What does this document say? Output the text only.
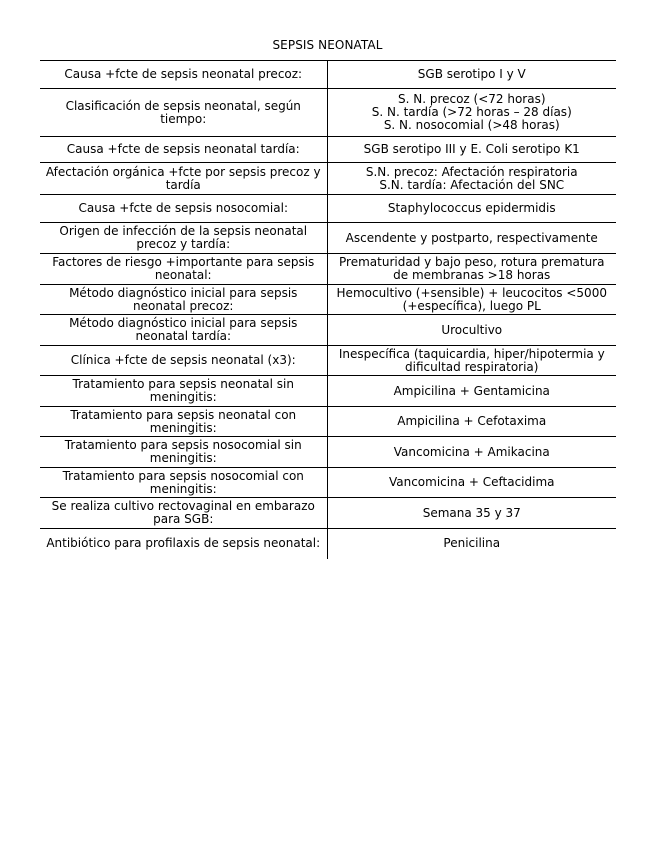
SEPSIS NEONATAL
Causa +fcte de sepsis neonatal precoz:	SGB serotipo I y V
Clasificación de sepsis neonatal, según tiempo:	S. N. precoz (<72 horas)
S. N. tardía (>72 horas – 28 días)
S. N. nosocomial (>48 horas)
Causa +fcte de sepsis neonatal tardía:	SGB serotipo III y E. Coli serotipo K1
Afectación orgánica +fcte por sepsis precoz y tardía	S.N. precoz: Afectación respiratoria
S.N. tardía: Afectación del SNC
Causa +fcte de sepsis nosocomial:	Staphylococcus epidermidis
Origen de infección de la sepsis neonatal precoz y tardía:	Ascendente y postparto, respectivamente
Factores de riesgo +importante para sepsis neonatal:	Prematuridad y bajo peso, rotura prematura de membranas >18 horas
Método diagnóstico inicial para sepsis neonatal precoz:	Hemocultivo (+sensible) + leucocitos <5000 (+específica), luego PL
Método diagnóstico inicial para sepsis neonatal tardía:	Urocultivo
Clínica +fcte de sepsis neonatal (x3):	Inespecífica (taquicardia, hiper/hipotermia y dificultad respiratoria)
Tratamiento para sepsis neonatal sin meningitis:	Ampicilina + Gentamicina
Tratamiento para sepsis neonatal con meningitis:	Ampicilina + Cefotaxima
Tratamiento para sepsis nosocomial sin meningitis:	Vancomicina + Amikacina
Tratamiento para sepsis nosocomial con meningitis:	Vancomicina + Ceftacidima
Se realiza cultivo rectovaginal en embarazo para SGB:	Semana 35 y 37
Antibiótico para profilaxis de sepsis neonatal:	Penicilina
